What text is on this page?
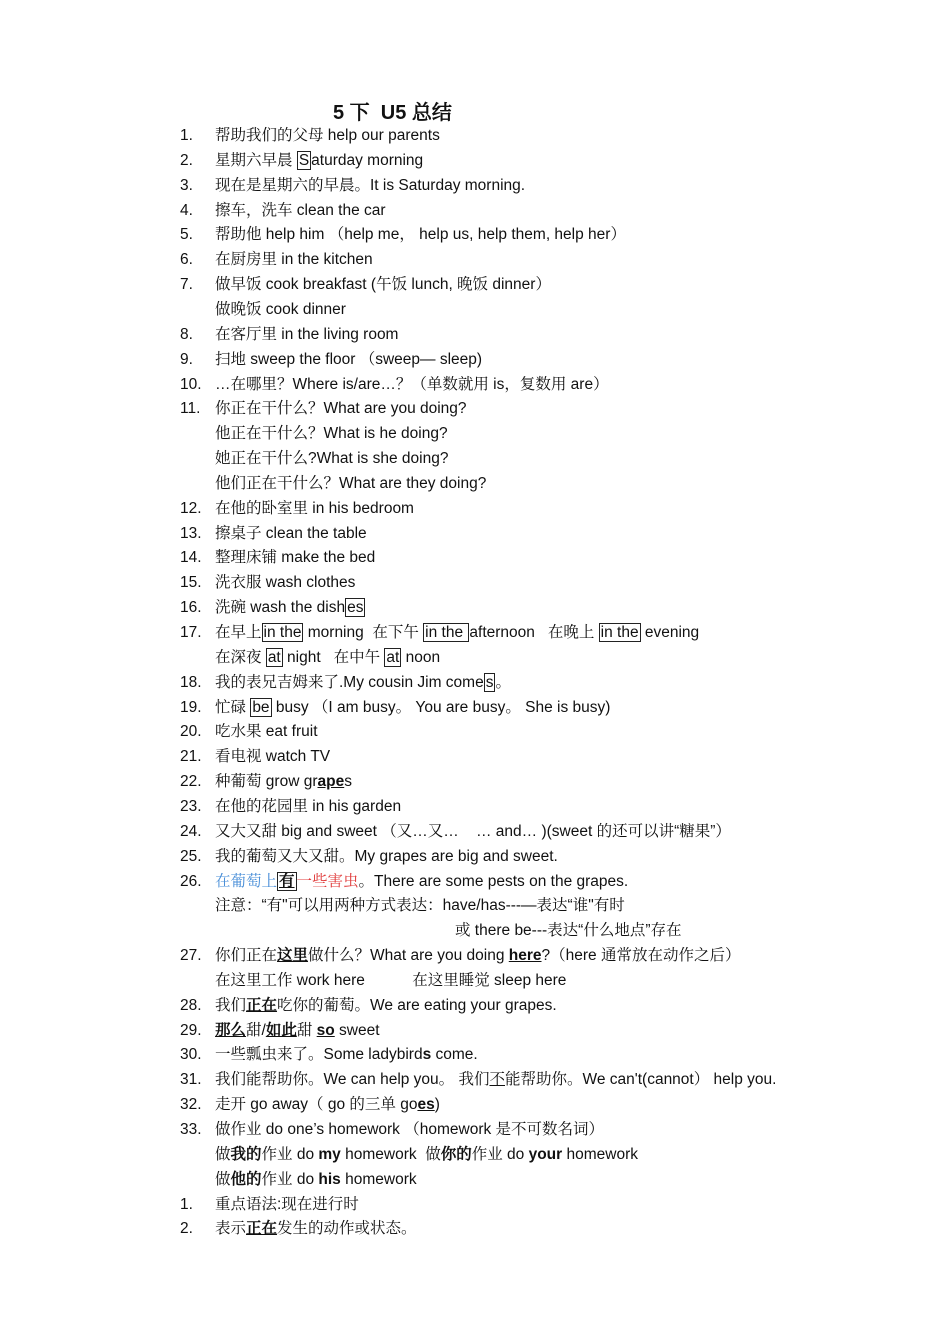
5 下  U5 总结
1.	帮助我们的父母 help our parents
2.	星期六早晨 S aturday morning
3.	现在是星期六的早晨。It is Saturday morning.
4.	擦车，洗车 clean the car
5.	帮助他 help him （help me， help us, help them, help her）
6.	在厨房里 in the kitchen
7.	做早饭 cook breakfast (午饭 lunch, 晚饭 dinner）
做晚饭 cook dinner
8.	在客厅里 in the living room
9.	扫地 sweep the floor （sweep— sleep)
10. …在哪里？Where is/are…？（单数就用 is，复数用 are）
11. 你正在干什么？What are you doing?
他正在干什么？What is he doing?
她正在干什么?What is she doing?
他们正在干什么？What are they doing?
12. 在他的卧室里 in his bedroom
13. 擦桌子 clean the table
14. 整理床铺 make the bed
15. 洗衣服 wash clothes
16. 洗碗 wash the dish es
17. 在早上 in the morning  在下午 in the afternoon   在晚上 in the evening
在深夜 at night   在中午 at noon
18. 我的表兄吉姆来了.My cousin Jim come s 。
19. 忙碌 be busy （I am busy。 You are busy。 She is busy)
20. 吃水果 eat fruit
21. 看电视 watch TV
22. 种葡萄 grow grapes
23. 在他的花园里 in his garden
24. 又大又甜 big and sweet （又…又…    … and… )(sweet 的还可以讲“糖果”）
25. 我的葡萄又大又甜。My grapes are big and sweet.
26. 在葡萄上 有 一些害虫。There are some pests on the grapes.
注意：“有"可以用两种方式表达：have/has---—表达“谁"有时
或 there be---表达“什么地点”存在
27. 你们正在这里做什么？What are you doing here?（here 通常放在动作之后）
在这里工作 work here           在这里睡觉 sleep here
28. 我们正在吃你的葡萄。We are eating your grapes.
29. 那么甜/如此甜 so sweet
30. 一些瓢虫来了。Some ladybirds come.
31. 我们能帮助你。We can help you。 我们不能帮助你。We can't(cannot） help you.
32. 走开 go away（ go 的三单 goes)
33. 做作业 do one’s homework （homework 是不可数名词）
做我的作业 do my homework  做你的作业 do your homework
做他的作业 do his homework
1.	重点语法:现在进行时
2.	表示正在发生的动作或状态。
